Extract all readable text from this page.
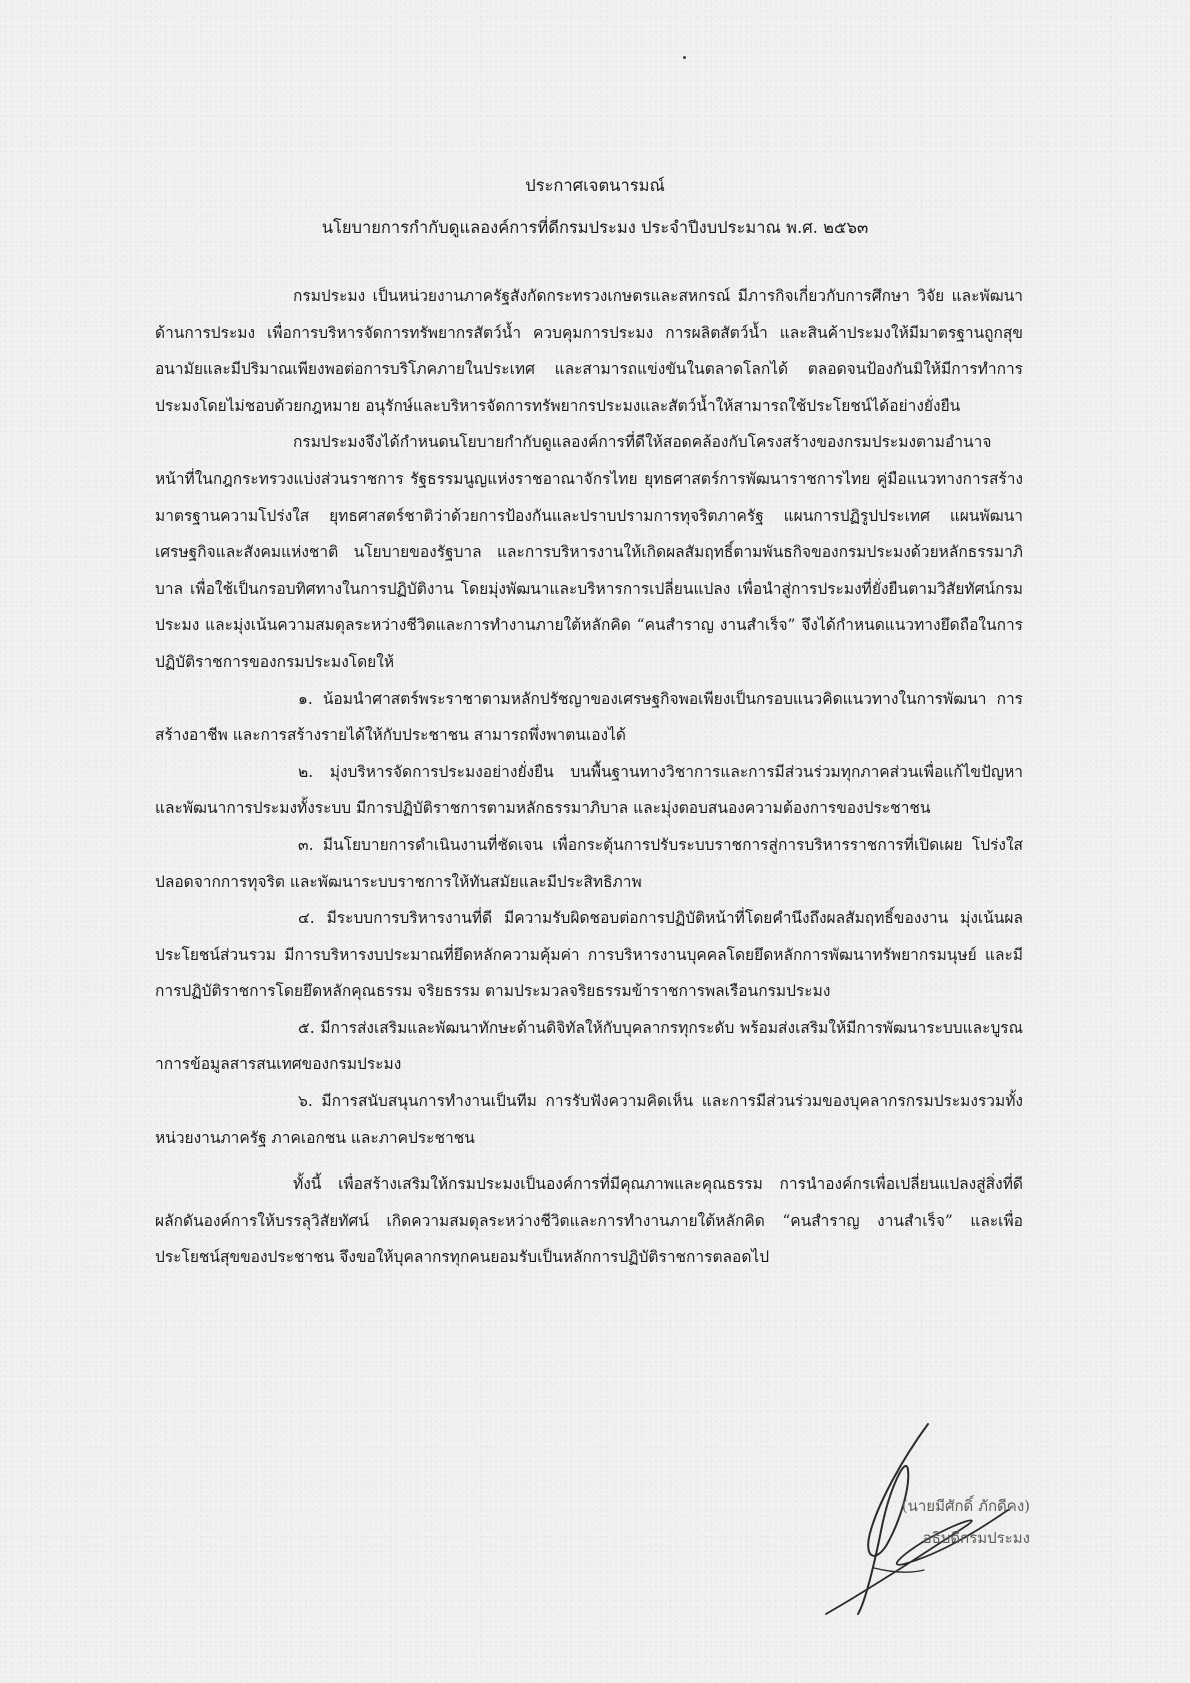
ประกาศเจตนารมณ์
นโยบายการกำกับดูแลองค์การที่ดีกรมประมง ประจำปีงบประมาณ พ.ศ. ๒๕๖๓

กรมประมง เป็นหน่วยงานภาครัฐสังกัดกระทรวงเกษตรและสหกรณ์ มีภารกิจเกี่ยวกับการศึกษา วิจัย และพัฒนาด้านการประมง เพื่อการบริหารจัดการทรัพยากรสัตว์น้ำ ควบคุมการประมง การผลิตสัตว์น้ำ และสินค้าประมงให้มีมาตรฐานถูกสุขอนามัยและมีปริมาณเพียงพอต่อการบริโภคภายในประเทศ และสามารถแข่งขันในตลาดโลกได้ ตลอดจนป้องกันมิให้มีการทำการประมงโดยไม่ชอบด้วยกฎหมาย อนุรักษ์และบริหารจัดการทรัพยากรประมงและสัตว์น้ำให้สามารถใช้ประโยชน์ได้อย่างยั่งยืน

กรมประมงจึงได้กำหนดนโยบายกำกับดูแลองค์การที่ดีให้สอดคล้องกับโครงสร้างของกรมประมงตามอำนาจหน้าที่ในกฎกระทรวงแบ่งส่วนราชการ รัฐธรรมนูญแห่งราชอาณาจักรไทย ยุทธศาสตร์การพัฒนาราชการไทย คู่มือแนวทางการสร้างมาตรฐานความโปร่งใส ยุทธศาสตร์ชาติว่าด้วยการป้องกันและปราบปรามการทุจริตภาครัฐ แผนการปฏิรูปประเทศ แผนพัฒนาเศรษฐกิจและสังคมแห่งชาติ นโยบายของรัฐบาล และการบริหารงานให้เกิดผลสัมฤทธิ์ตามพันธกิจของกรมประมงด้วยหลักธรรมาภิบาล เพื่อใช้เป็นกรอบทิศทางในการปฏิบัติงาน โดยมุ่งพัฒนาและบริหารการเปลี่ยนแปลง เพื่อนำสู่การประมงที่ยั่งยืนตามวิสัยทัศน์กรมประมง และมุ่งเน้นความสมดุลระหว่างชีวิตและการทำงานภายใต้หลักคิด “คนสำราญ งานสำเร็จ” จึงได้กำหนดแนวทางยึดถือในการปฏิบัติราชการของกรมประมงโดยให้

๑. น้อมนำศาสตร์พระราชาตามหลักปรัชญาของเศรษฐกิจพอเพียงเป็นกรอบแนวคิดแนวทางในการพัฒนา การสร้างอาชีพ และการสร้างรายได้ให้กับประชาชน สามารถพึ่งพาตนเองได้

๒. มุ่งบริหารจัดการประมงอย่างยั่งยืน บนพื้นฐานทางวิชาการและการมีส่วนร่วมทุกภาคส่วนเพื่อแก้ไขปัญหาและพัฒนาการประมงทั้งระบบ มีการปฏิบัติราชการตามหลักธรรมาภิบาล และมุ่งตอบสนองความต้องการของประชาชน

๓. มีนโยบายการดำเนินงานที่ชัดเจน เพื่อกระตุ้นการปรับระบบราชการสู่การบริหารราชการที่เปิดเผย โปร่งใส ปลอดจากการทุจริต และพัฒนาระบบราชการให้ทันสมัยและมีประสิทธิภาพ

๔. มีระบบการบริหารงานที่ดี มีความรับผิดชอบต่อการปฏิบัติหน้าที่โดยคำนึงถึงผลสัมฤทธิ์ของงาน มุ่งเน้นผลประโยชน์ส่วนรวม มีการบริหารงบประมาณที่ยึดหลักความคุ้มค่า การบริหารงานบุคคลโดยยึดหลักการพัฒนาทรัพยากรมนุษย์ และมีการปฏิบัติราชการโดยยึดหลักคุณธรรม จริยธรรม ตามประมวลจริยธรรมข้าราชการพลเรือนกรมประมง

๕. มีการส่งเสริมและพัฒนาทักษะด้านดิจิทัลให้กับบุคลากรทุกระดับ พร้อมส่งเสริมให้มีการพัฒนาระบบและบูรณาการข้อมูลสารสนเทศของกรมประมง

๖. มีการสนับสนุนการทำงานเป็นทีม การรับฟังความคิดเห็น และการมีส่วนร่วมของบุคลากรกรมประมงรวมทั้งหน่วยงานภาครัฐ ภาคเอกชน และภาคประชาชน

ทั้งนี้ เพื่อสร้างเสริมให้กรมประมงเป็นองค์การที่มีคุณภาพและคุณธรรม การนำองค์กรเพื่อเปลี่ยนแปลงสู่สิ่งที่ดี ผลักดันองค์การให้บรรลุวิสัยทัศน์ เกิดความสมดุลระหว่างชีวิตและการทำงานภายใต้หลักคิด “คนสำราญ งานสำเร็จ” และเพื่อประโยชน์สุขของประชาชน จึงขอให้บุคลากรทุกคนยอมรับเป็นหลักการปฏิบัติราชการตลอดไป

(นายมีศักดิ์ ภักดีคง)
อธิบดีกรมประมง
